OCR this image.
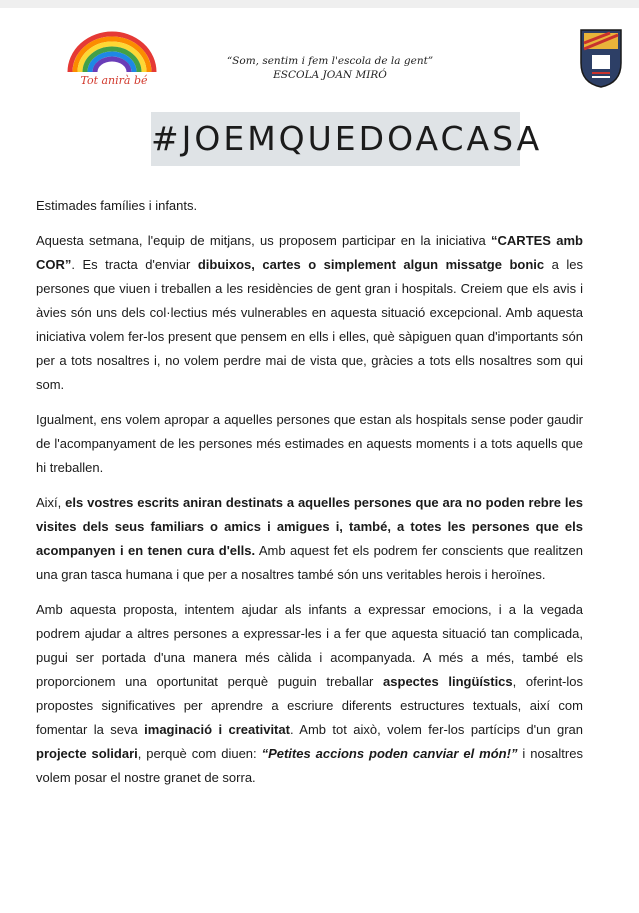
Tot anirà bé
“Som, sentim i fem l'escola de la gent”
ESCOLA JOAN MIRÓ
#JOEMQUEDOACASA

Estimades famílies i infants.

Aquesta setmana, l'equip de mitjans, us proposem participar en la iniciativa “CARTES amb COR”. Es tracta d'enviar dibuixos, cartes o simplement algun missatge bonic a les persones que viuen i treballen a les residències de gent gran i hospitals. Creiem que els avis i àvies són uns dels col·lectius més vulnerables en aquesta situació excepcional. Amb aquesta iniciativa volem fer-los present que pensem en ells i elles, què sàpiguen quan d'importants són per a tots nosaltres i, no volem perdre mai de vista que, gràcies a tots ells nosaltres som qui som.

Igualment, ens volem apropar a aquelles persones que estan als hospitals sense poder gaudir de l'acompanyament de les persones més estimades en aquests moments i a tots aquells que hi treballen.

Així, els vostres escrits aniran destinats a aquelles persones que ara no poden rebre les visites dels seus familiars o amics i amigues i, també, a totes les persones que els acompanyen i en tenen cura d'ells. Amb aquest fet els podrem fer conscients que realitzen una gran tasca humana i que per a nosaltres també són uns veritables herois i heroïnes.

Amb aquesta proposta, intentem ajudar als infants a expressar emocions, i a la vegada podrem ajudar a altres persones a expressar-les i a fer que aquesta situació tan complicada, pugui ser portada d'una manera més càlida i acompanyada. A més a més, també els proporcionem una oportunitat perquè puguin treballar aspectes lingüístics, oferint-los propostes significatives per aprendre a escriure diferents estructures textuals, així com fomentar la seva imaginació i creativitat. Amb tot això, volem fer-los partícips d'un gran projecte solidari, perquè com diuen: “Petites accions poden canviar el món!” i nosaltres volem posar el nostre granet de sorra.
